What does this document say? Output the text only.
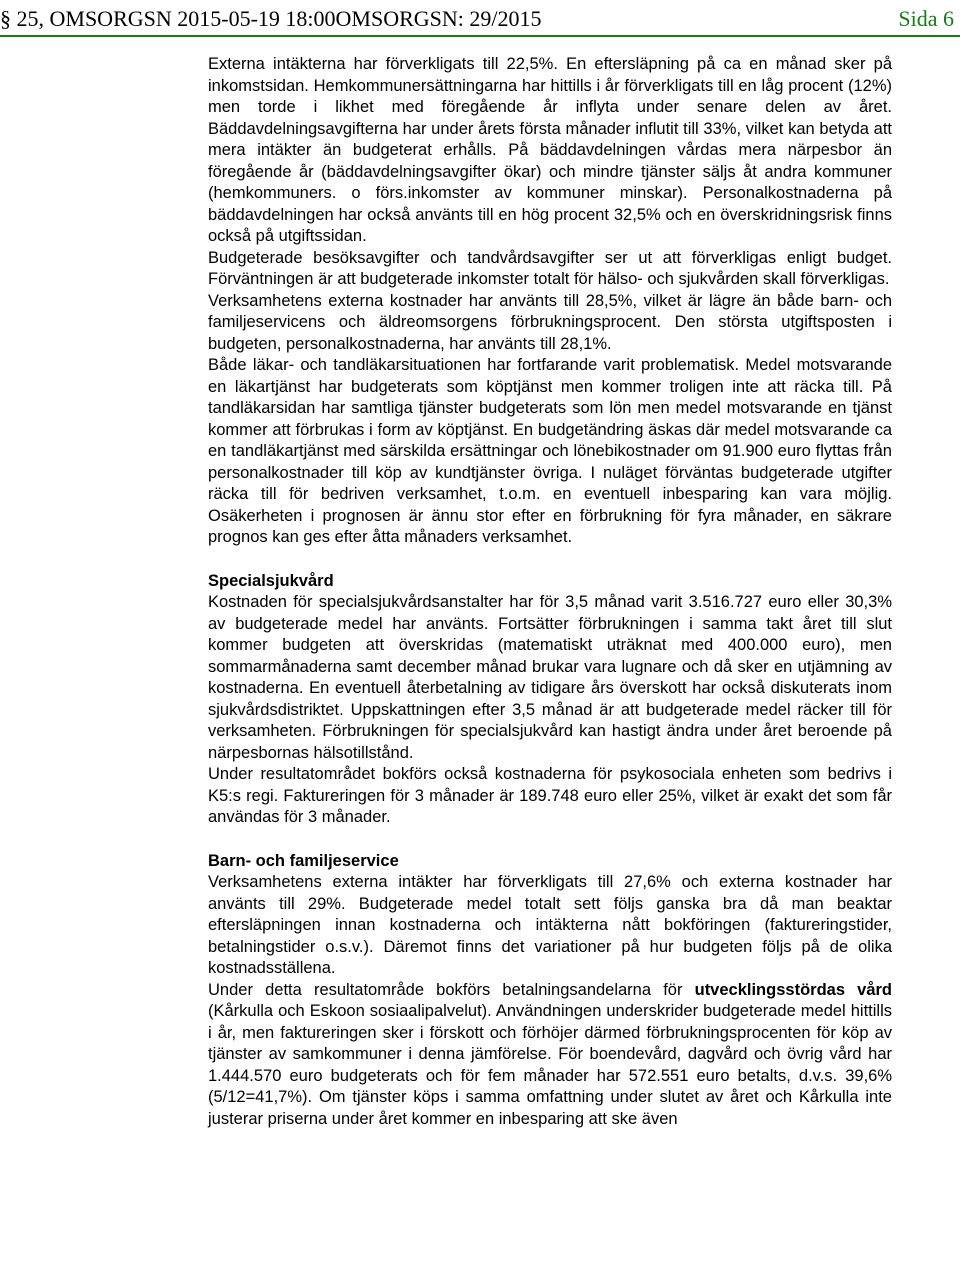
§ 25, OMSORGSN 2015-05-19 18:00OMSORGSN: 29/2015	Sida 6

Externa intäkterna har förverkligats till 22,5%. En eftersläpning på ca en månad sker på inkomstsidan. Hemkommunersättningarna har hittills i år förverkligats till en låg procent (12%) men torde i likhet med föregående år inflyta under senare delen av året. Bäddavdelningsavgifterna har under årets första månader influtit till 33%, vilket kan betyda att mera intäkter än budgeterat erhålls. På bäddavdelningen vårdas mera närpesbor än föregående år (bäddavdelningsavgifter ökar) och mindre tjänster säljs åt andra kommuner (hemkommuners. o förs.inkomster av kommuner minskar). Personalkostnaderna på bäddavdelningen har också använts till en hög procent 32,5% och en överskridningsrisk finns också på utgiftssidan.

Budgeterade besöksavgifter och tandvårdsavgifter ser ut att förverkligas enligt budget. Förväntningen är att budgeterade inkomster totalt för hälso- och sjukvården skall förverkligas.

Verksamhetens externa kostnader har använts till 28,5%, vilket är lägre än både barn- och familjeservicens och äldreomsorgens förbrukningsprocent. Den största utgiftsposten i budgeten, personalkostnaderna, har använts till 28,1%.

Både läkar- och tandläkarsituationen har fortfarande varit problematisk. Medel motsvarande en läkartjänst har budgeterats som köptjänst men kommer troligen inte att räcka till. På tandläkarsidan har samtliga tjänster budgeterats som lön men medel motsvarande en tjänst kommer att förbrukas i form av köptjänst. En budgetändring äskas där medel motsvarande ca en tandläkartjänst med särskilda ersättningar och lönebikostnader om 91.900 euro flyttas från personalkostnader till köp av kundtjänster övriga. I nuläget förväntas budgeterade utgifter räcka till för bedriven verksamhet, t.o.m. en eventuell inbesparing kan vara möjlig. Osäkerheten i prognosen är ännu stor efter en förbrukning för fyra månader, en säkrare prognos kan ges efter åtta månaders verksamhet.

Specialsjukvård

Kostnaden för specialsjukvårdsanstalter har för 3,5 månad varit 3.516.727 euro eller 30,3% av budgeterade medel har använts. Fortsätter förbrukningen i samma takt året till slut kommer budgeten att överskridas (matematiskt uträknat med 400.000 euro), men sommarmånaderna samt december månad brukar vara lugnare och då sker en utjämning av kostnaderna. En eventuell återbetalning av tidigare års överskott har också diskuterats inom sjukvårdsdistriktet. Uppskattningen efter 3,5 månad är att budgeterade medel räcker till för verksamheten. Förbrukningen för specialsjukvård kan hastigt ändra under året beroende på närpesbornas hälsotillstånd.

Under resultatområdet bokförs också kostnaderna för psykosociala enheten som bedrivs i K5:s regi. Faktureringen för 3 månader är 189.748 euro eller 25%, vilket är exakt det som får användas för 3 månader.

Barn- och familjeservice

Verksamhetens externa intäkter har förverkligats till 27,6% och externa kostnader har använts till 29%. Budgeterade medel totalt sett följs ganska bra då man beaktar eftersläpningen innan kostnaderna och intäkterna nått bokföringen (faktureringstider, betalningstider o.s.v.). Däremot finns det variationer på hur budgeten följs på de olika kostnadsställena.

Under detta resultatområde bokförs betalningsandelarna för utvecklingsstördas vård (Kårkulla och Eskoon sosiaalipalvelut). Användningen underskrider budgeterade medel hittills i år, men faktureringen sker i förskott och förhöjer därmed förbrukningsprocenten för köp av tjänster av samkommuner i denna jämförelse. För boendevård, dagvård och övrig vård har 1.444.570 euro budgeterats och för fem månader har 572.551 euro betalts, d.v.s. 39,6% (5/12=41,7%). Om tjänster köps i samma omfattning under slutet av året och Kårkulla inte justerar priserna under året kommer en inbesparing att ske även
